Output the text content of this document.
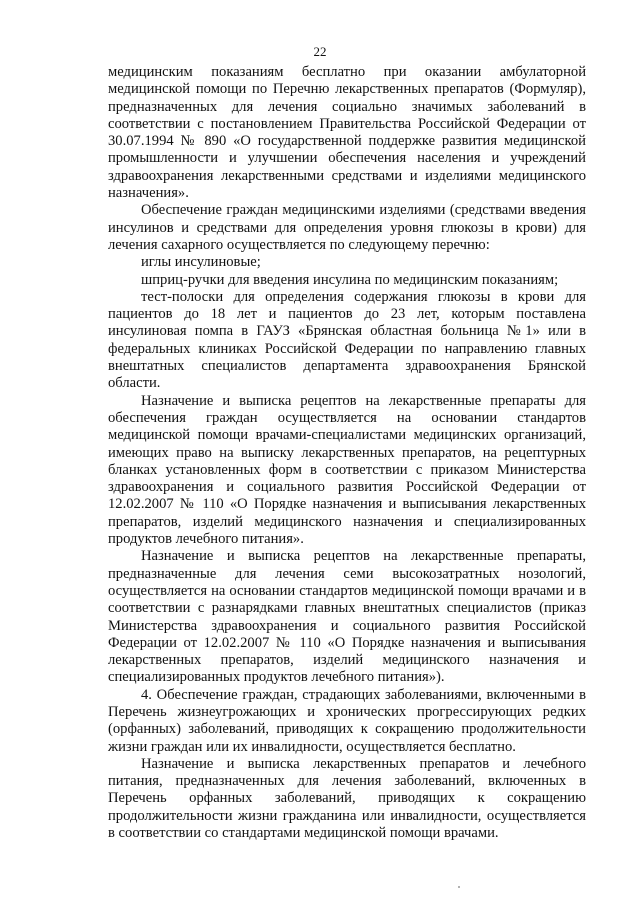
22

медицинским показаниям бесплатно при оказании амбулаторной медицинской помощи по Перечню лекарственных препаратов (Формуляр), предназначенных для лечения социально значимых заболеваний в соответствии с постановлением Правительства Российской Федерации от 30.07.1994 № 890 «О государственной поддержке развития медицинской промышленности и улучшении обеспечения населения и учреждений здравоохранения лекарственными средствами и изделиями медицинского назначения».

Обеспечение граждан медицинскими изделиями (средствами введения инсулинов и средствами для определения уровня глюкозы в крови) для лечения сахарного осуществляется по следующему перечню:

иглы инсулиновые;

шприц-ручки для введения инсулина по медицинским показаниям;

тест-полоски для определения содержания глюкозы в крови для пациентов до 18 лет и пациентов до 23 лет, которым поставлена инсулиновая помпа в ГАУЗ «Брянская областная больница №1» или в федеральных клиниках Российской Федерации по направлению главных внештатных специалистов департамента здравоохранения Брянской области.

Назначение и выписка рецептов на лекарственные препараты для обеспечения граждан осуществляется на основании стандартов медицинской помощи врачами-специалистами медицинских организаций, имеющих право на выписку лекарственных препаратов, на рецептурных бланках установленных форм в соответствии с приказом Министерства здравоохранения и социального развития Российской Федерации от 12.02.2007 № 110 «О Порядке назначения и выписывания лекарственных препаратов, изделий медицинского назначения и специализированных продуктов лечебного питания».

Назначение и выписка рецептов на лекарственные препараты, предназначенные для лечения семи высокозатратных нозологий, осуществляется на основании стандартов медицинской помощи врачами и в соответствии с разнарядками главных внештатных специалистов (приказ Министерства здравоохранения и социального развития Российской Федерации от 12.02.2007 № 110 «О Порядке назначения и выписывания лекарственных препаратов, изделий медицинского назначения и специализированных продуктов лечебного питания»).

4. Обеспечение граждан, страдающих заболеваниями, включенными в Перечень жизнеугрожающих и хронических прогрессирующих редких (орфанных) заболеваний, приводящих к сокращению продолжительности жизни граждан или их инвалидности, осуществляется бесплатно.

Назначение и выписка лекарственных препаратов и лечебного питания, предназначенных для лечения заболеваний, включенных в Перечень орфанных заболеваний, приводящих к сокращению продолжительности жизни гражданина или инвалидности, осуществляется в соответствии со стандартами медицинской помощи врачами.
